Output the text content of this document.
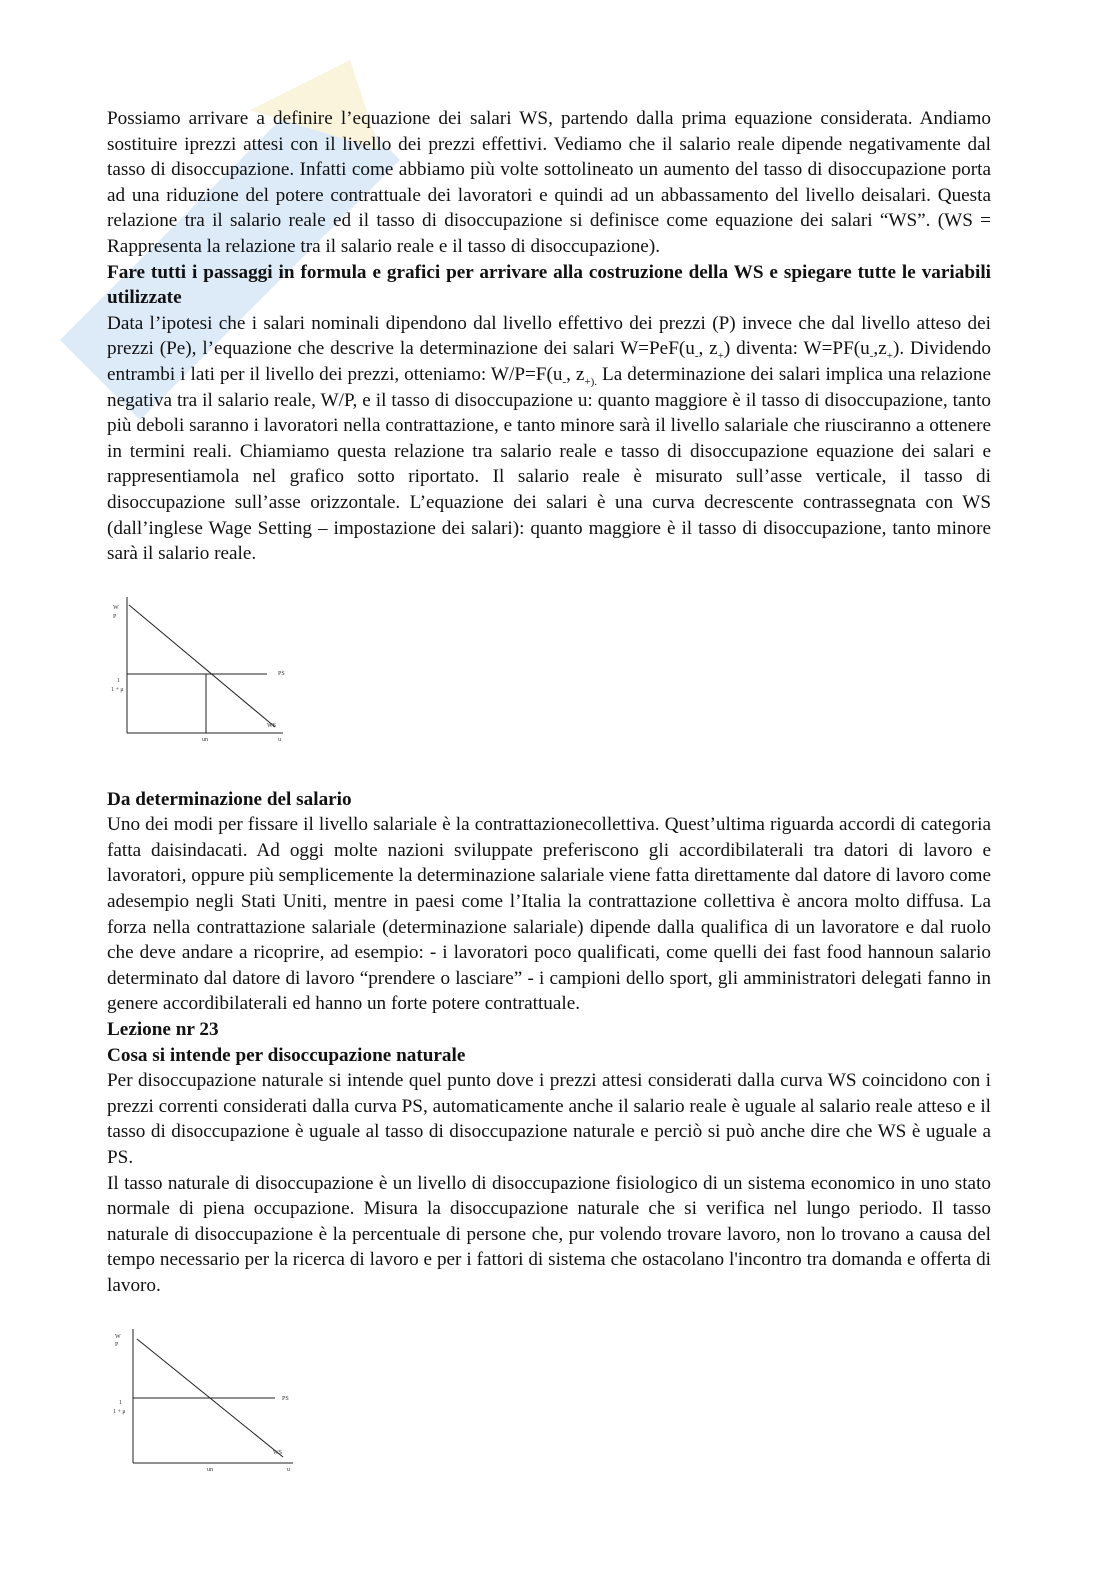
Possiamo arrivare a definire l’equazione dei salari WS, partendo dalla prima equazione considerata. Andiamo sostituire iprezzi attesi con il livello dei prezzi effettivi. Vediamo che il salario reale dipende negativamente dal tasso di disoccupazione. Infatti come abbiamo più volte sottolineato un aumento del tasso di disoccupazione porta ad una riduzione del potere contrattuale dei lavoratori e quindi ad un abbassamento del livello deisalari. Questa relazione tra il salario reale ed il tasso di disoccupazione si definisce come equazione dei salari “WS”. (WS = Rappresenta la relazione tra il salario reale e il tasso di disoccupazione).

Fare tutti i passaggi in formula e grafici per arrivare alla costruzione della WS e spiegare tutte le variabili utilizzate

Data l’ipotesi che i salari nominali dipendono dal livello effettivo dei prezzi (P) invece che dal livello atteso dei prezzi (Pe), l’equazione che descrive la determinazione dei salari $W=PeF(u_-$, $z_+$) diventa: $W=PF(u_-,z_+)$. Dividendo entrambi i lati per il livello dei prezzi, otteniamo: $W/P=F(u_-$, $z_{+).}$ La determinazione dei salari implica una relazione negativa tra il salario reale, W/P, e il tasso di disoccupazione u: quanto maggiore è il tasso di disoccupazione, tanto più deboli saranno i lavoratori nella contrattazione, e tanto minore sarà il livello salariale che riusciranno a ottenere in termini reali. Chiamiamo questa relazione tra salario reale e tasso di disoccupazione equazione dei salari e rappresentiamola nel grafico sotto riportato. Il salario reale è misurato sull’asse verticale, il tasso di disoccupazione sull’asse orizzontale. L’equazione dei salari è una curva decrescente contrassegnata con WS (dall’inglese Wage Setting – impostazione dei salari): quanto maggiore è il tasso di disoccupazione, tanto minore sarà il salario reale.

W
P
1
1 + μ
PS
WS
un	u

Da determinazione del salario

Uno dei modi per fissare il livello salariale è la contrattazionecollettiva. Quest’ultima riguarda accordi di categoria fatta daisindacati. Ad oggi molte nazioni sviluppate preferiscono gli accordibilaterali tra datori di lavoro e lavoratori, oppure più semplicemente la determinazione salariale viene fatta direttamente dal datore di lavoro come adesempio negli Stati Uniti, mentre in paesi come l’Italia la contrattazione collettiva è ancora molto diffusa. La forza nella contrattazione salariale (determinazione salariale) dipende dalla qualifica di un lavoratore e dal ruolo che deve andare a ricoprire, ad esempio: - i lavoratori poco qualificati, come quelli dei fast food hannoun salario determinato dal datore di lavoro “prendere o lasciare” - i campioni dello sport, gli amministratori delegati fanno in genere accordibilaterali ed hanno un forte potere contrattuale.

Lezione nr 23

Cosa si intende per disoccupazione naturale

Per disoccupazione naturale si intende quel punto dove i prezzi attesi considerati dalla curva WS coincidono con i prezzi correnti considerati dalla curva PS, automaticamente anche il salario reale è uguale al salario reale atteso e il tasso di disoccupazione è uguale al tasso di disoccupazione naturale e perciò si può anche dire che WS è uguale a PS.

Il tasso naturale di disoccupazione è un livello di disoccupazione fisiologico di un sistema economico in uno stato normale di piena occupazione. Misura la disoccupazione naturale che si verifica nel lungo periodo. Il tasso naturale di disoccupazione è la percentuale di persone che, pur volendo trovare lavoro, non lo trovano a causa del tempo necessario per la ricerca di lavoro e per i fattori di sistema che ostacolano l'incontro tra domanda e offerta di lavoro.

W
P
1
1 + μ
PS
WS
un	u
